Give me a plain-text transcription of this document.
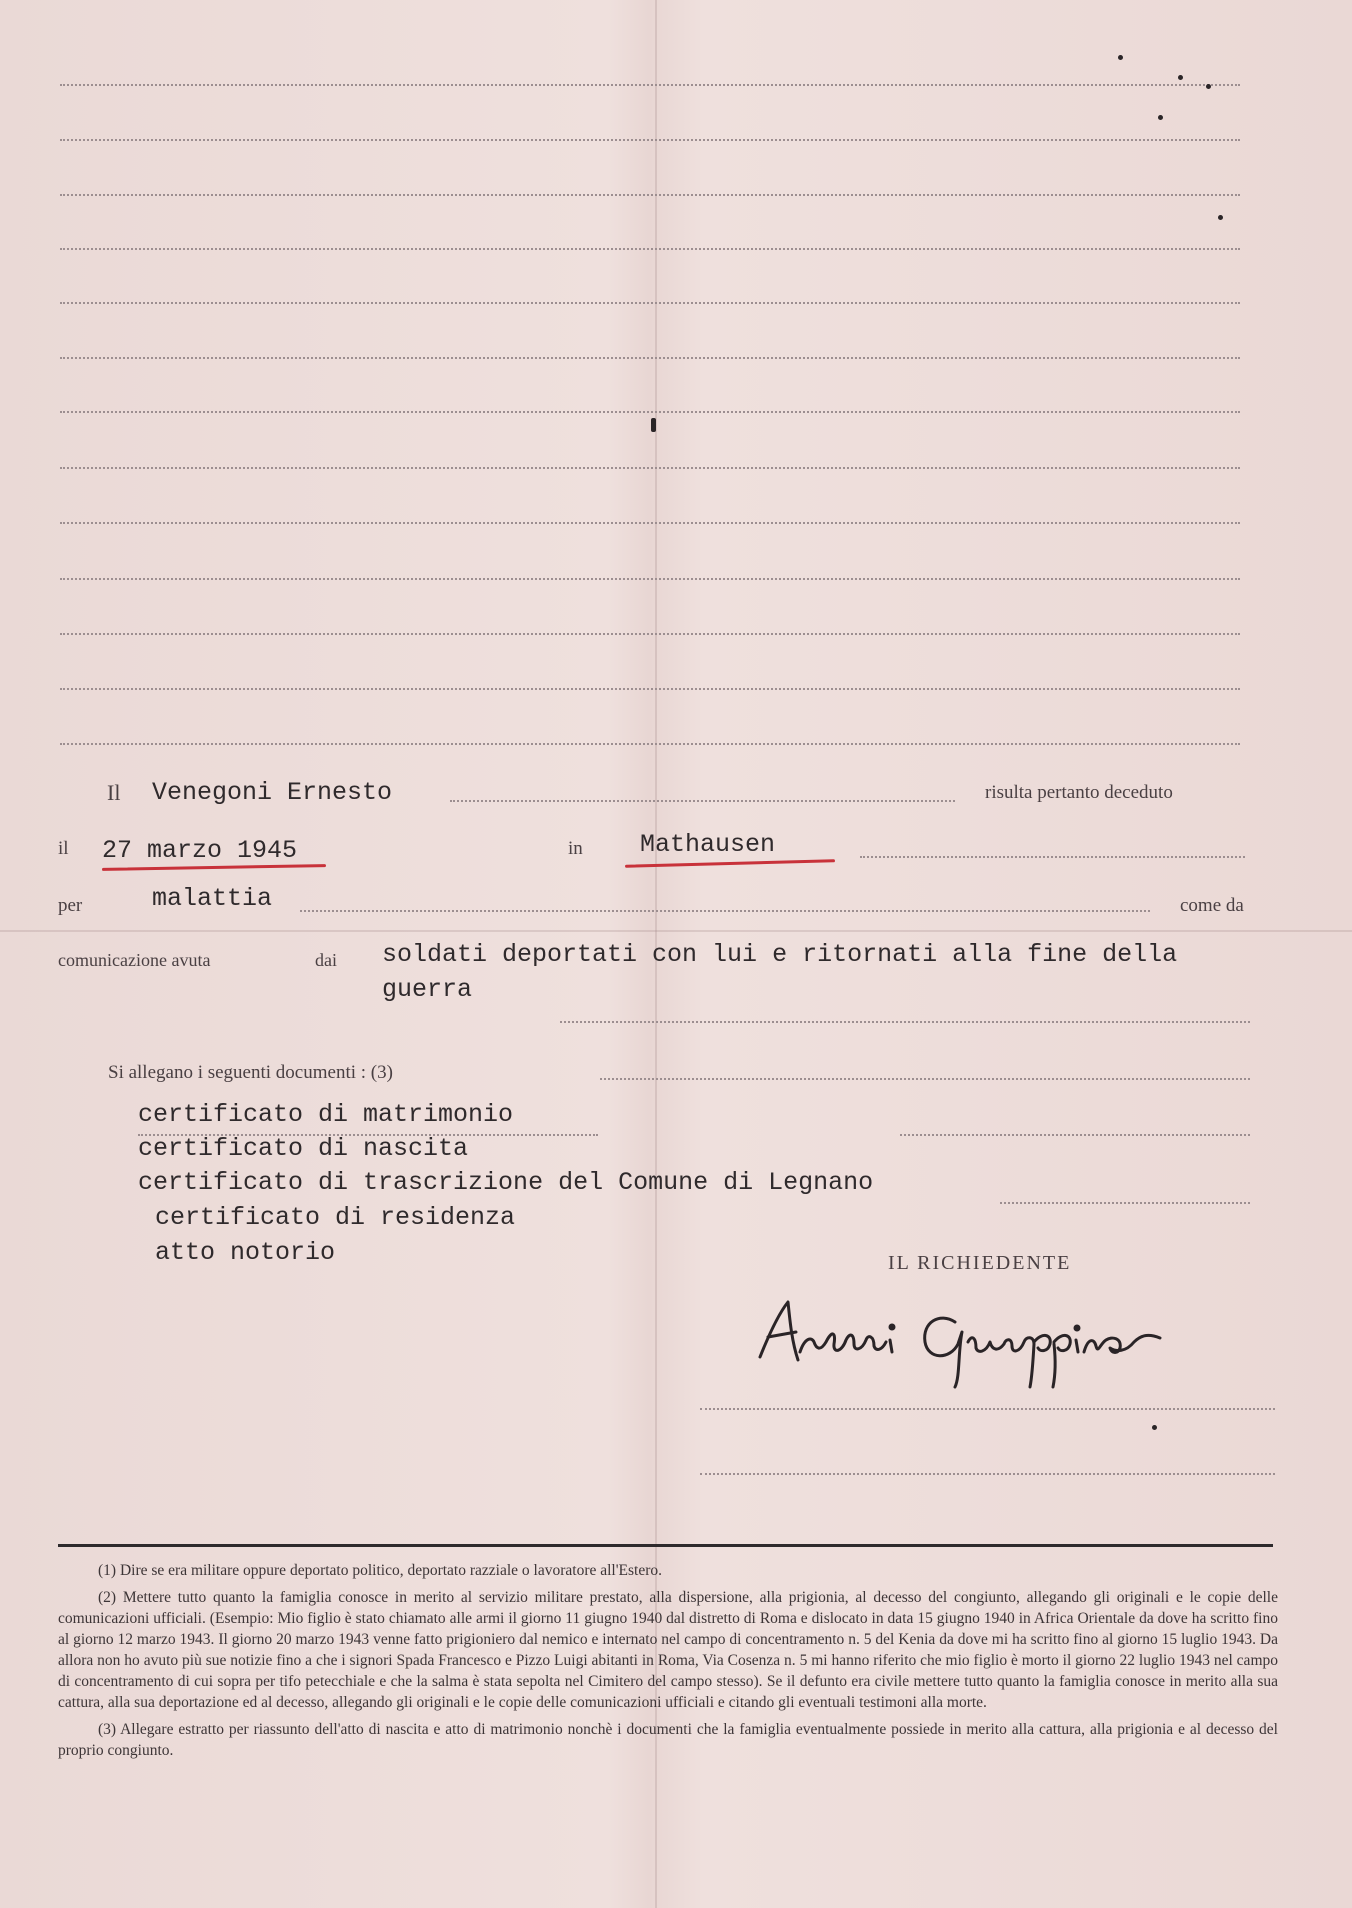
Il Venegoni Ernesto	risulta pertanto deceduto
il 27 marzo 1945	in Mathausen
per	malattia	come da
comunicazione avuta	dai soldati deportati con lui e ritornati alla fine della
guerra
Si allegano i seguenti documenti : (3)
certificato di matrimonio
certificato di nascita
certificato di trascrizione del Comune di Legnano
certificato di residenza
atto notorio	IL RICHIEDENTE

(1) Dire se era militare oppure deportato politico, deportato razziale o lavoratore all'Estero.

(2) Mettere tutto quanto la famiglia conosce in merito al servizio militare prestato, alla dispersione, alla prigionia, al decesso del congiunto, allegando gli originali e le copie delle comunicazioni ufficiali. (Esempio: Mio figlio è stato chiamato alle armi il giorno 11 giugno 1940 dal distretto di Roma e dislocato in data 15 giugno 1940 in Africa Orientale da dove ha scritto fino al giorno 12 marzo 1943. Il giorno 20 marzo 1943 venne fatto prigioniero dal nemico e internato nel campo di concentramento n. 5 del Kenia da dove mi ha scritto fino al giorno 15 luglio 1943. Da allora non ho avuto più sue notizie fino a che i signori Spada Francesco e Pizzo Luigi abitanti in Roma, Via Cosenza n. 5 mi hanno riferito che mio figlio è morto il giorno 22 luglio 1943 nel campo di concentramento di cui sopra per tifo petecchiale e che la salma è stata sepolta nel Cimitero del campo stesso). Se il defunto era civile mettere tutto quanto la famiglia conosce in merito alla sua cattura, alla sua deportazione ed al decesso, allegando gli originali e le copie delle comunicazioni ufficiali e citando gli eventuali testimoni alla morte.

(3) Allegare estratto per riassunto dell'atto di nascita e atto di matrimonio nonchè i documenti che la famiglia eventualmente possiede in merito alla cattura, alla prigionia e al decesso del proprio congiunto.
